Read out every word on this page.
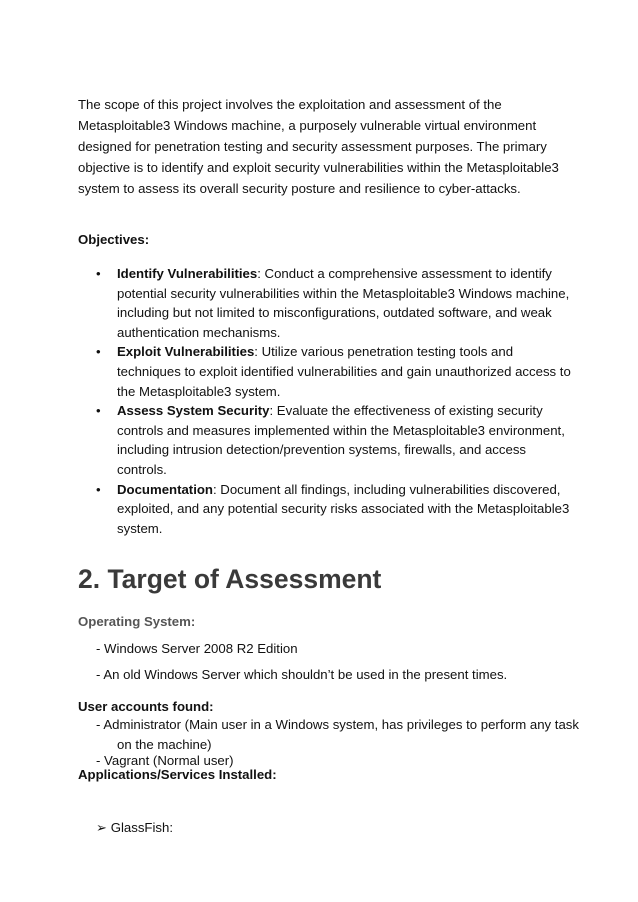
The scope of this project involves the exploitation and assessment of the Metasploitable3 Windows machine, a purposely vulnerable virtual environment designed for penetration testing and security assessment purposes. The primary objective is to identify and exploit security vulnerabilities within the Metasploitable3 system to assess its overall security posture and resilience to cyber-attacks.

Objectives:

• Identify Vulnerabilities: Conduct a comprehensive assessment to identify potential security vulnerabilities within the Metasploitable3 Windows machine, including but not limited to misconfigurations, outdated software, and weak authentication mechanisms.
• Exploit Vulnerabilities: Utilize various penetration testing tools and techniques to exploit identified vulnerabilities and gain unauthorized access to the Metasploitable3 system.
• Assess System Security: Evaluate the effectiveness of existing security controls and measures implemented within the Metasploitable3 environment, including intrusion detection/prevention systems, firewalls, and access controls.
• Documentation: Document all findings, including vulnerabilities discovered, exploited, and any potential security risks associated with the Metasploitable3 system.
2. Target of Assessment

Operating System:

- Windows Server 2008 R2 Edition

- An old Windows Server which shouldn’t be used in the present times.

User accounts found:

- Administrator (Main user in a Windows system, has privileges to perform any task on the machine)

- Vagrant (Normal user)

Applications/Services Installed:

➢ GlassFish:
